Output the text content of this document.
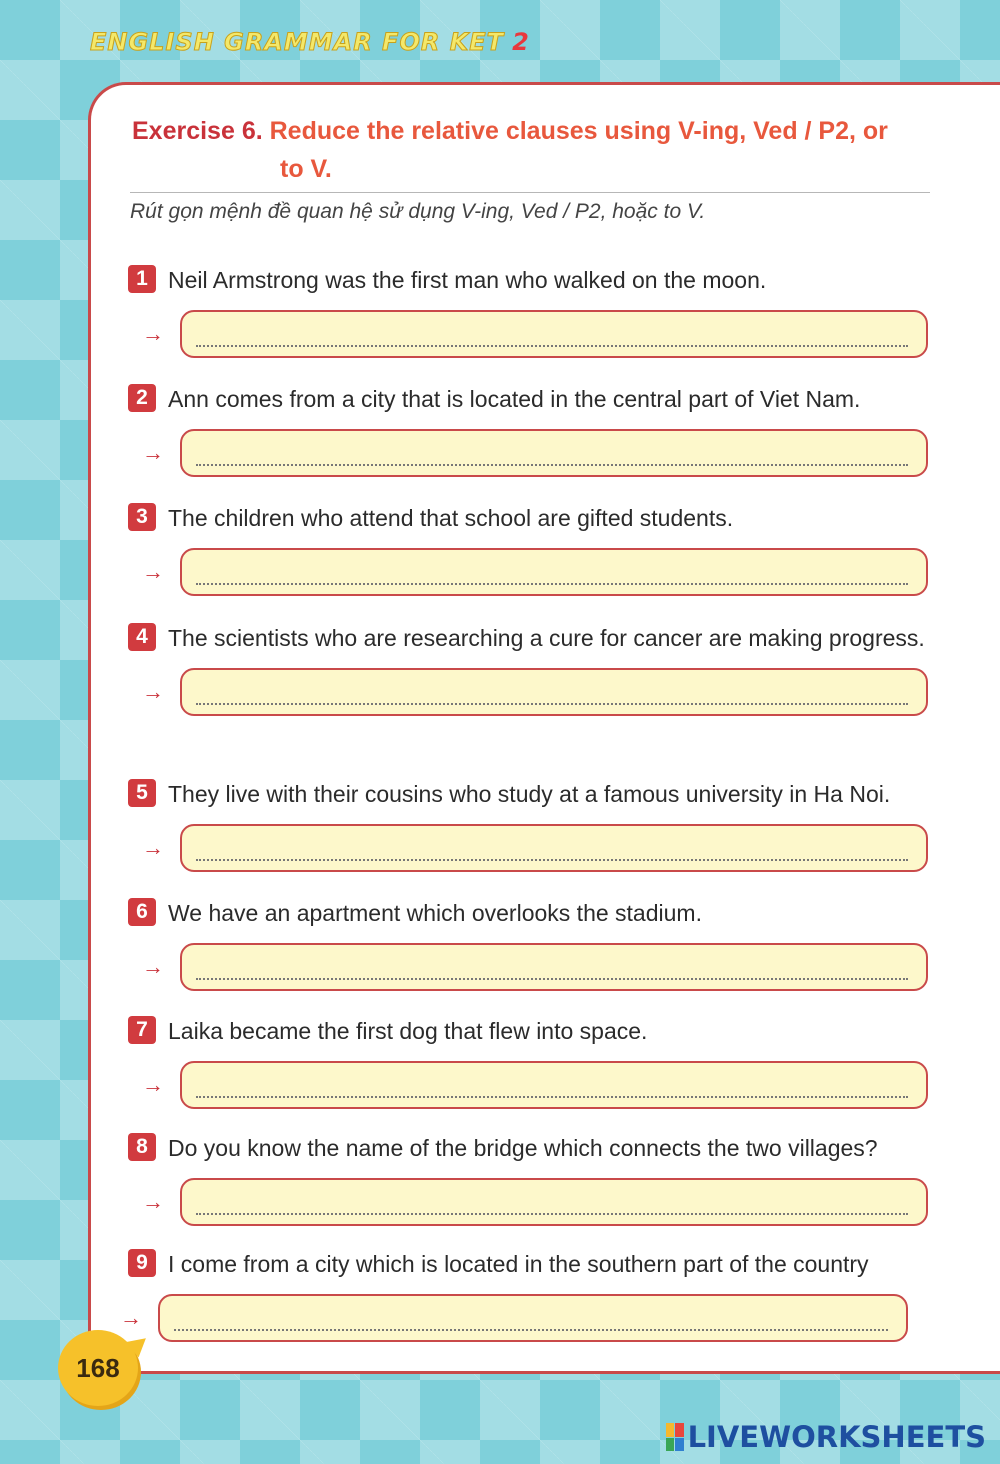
ENGLISH GRAMMAR FOR KET 2
Exercise 6. Reduce the relative clauses using V-ing, Ved / P2, or
to V.
Rút gọn mệnh đề quan hệ sử dụng V-ing, Ved / P2, hoặc to V.
1 Neil Armstrong was the first man who walked on the moon.
→
2 Ann comes from a city that is located in the central part of Viet Nam.
→
3 The children who attend that school are gifted students.
→
4 The scientists who are researching a cure for cancer are making progress.
→
5 They live with their cousins who study at a famous university in Ha Noi.
→
6 We have an apartment which overlooks the stadium.
→
7 Laika became the first dog that flew into space.
→
8 Do you know the name of the bridge which connects the two villages?
→
9 I come from a city which is located in the southern part of the country
→
168
LIVEWORKSHEETS
